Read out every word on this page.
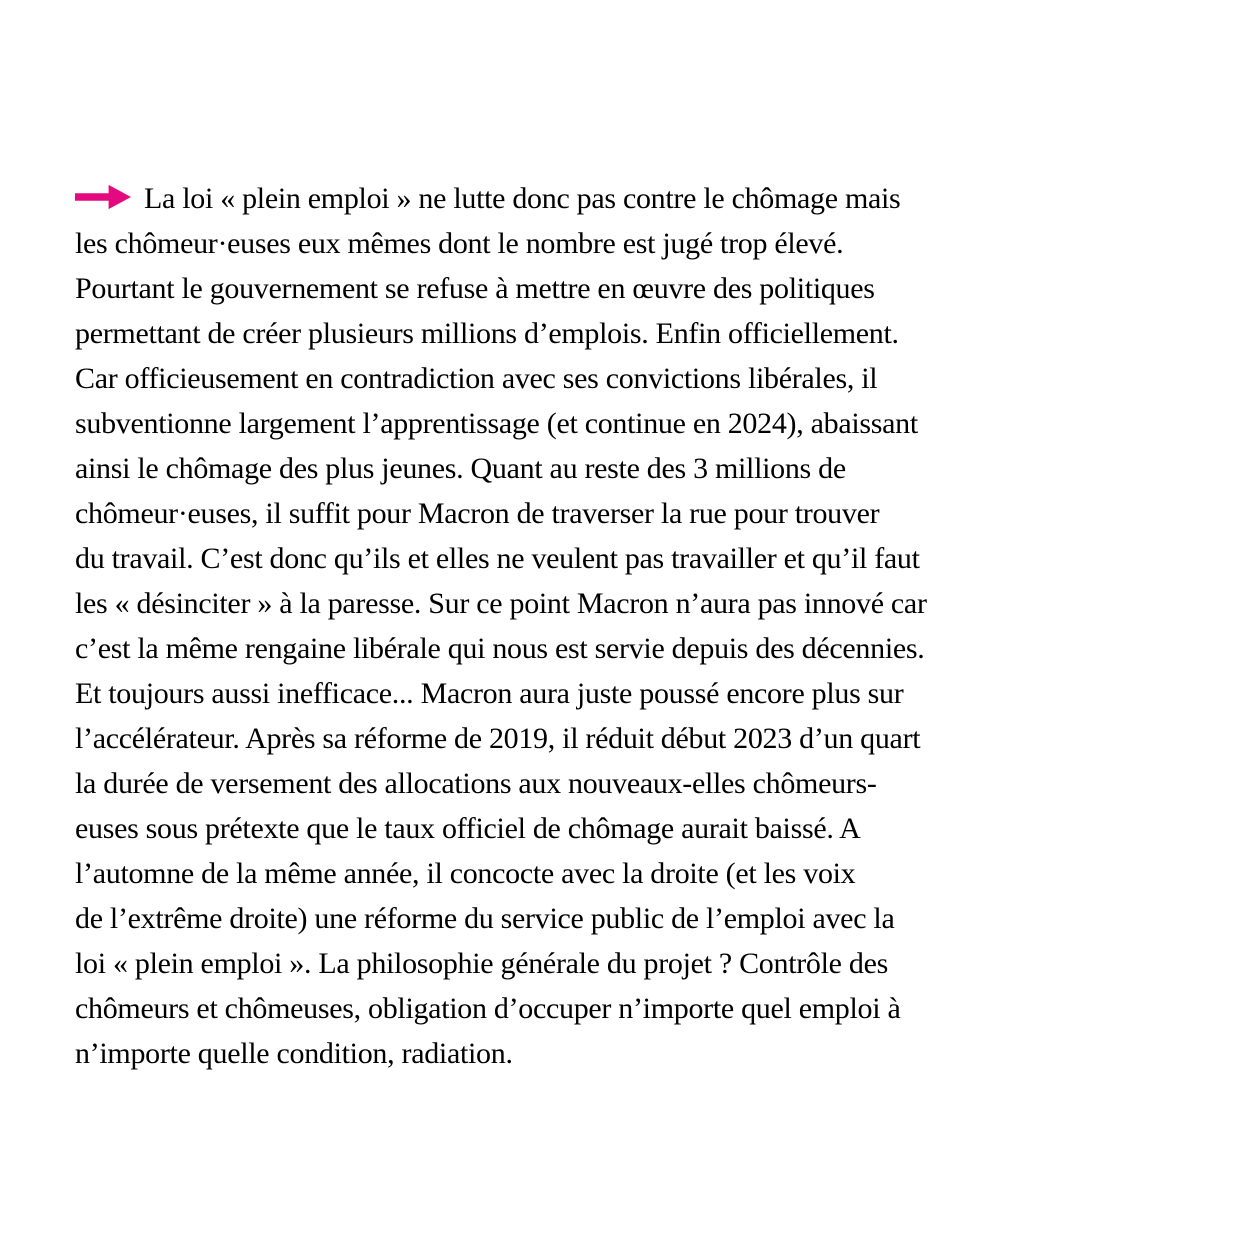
La loi « plein emploi » ne lutte donc pas contre le chômage mais
les chômeur·euses eux mêmes dont le nombre est jugé trop élevé.
Pourtant le gouvernement se refuse à mettre en œuvre des politiques
permettant de créer plusieurs millions d’emplois. Enfin officiellement.
Car officieusement en contradiction avec ses convictions libérales, il
subventionne largement l’apprentissage (et continue en 2024), abaissant
ainsi le chômage des plus jeunes. Quant au reste des 3 millions de
chômeur·euses, il suffit pour Macron de traverser la rue pour trouver
du travail. C’est donc qu’ils et elles ne veulent pas travailler et qu’il faut
les « désinciter » à la paresse. Sur ce point Macron n’aura pas innové car
c’est la même rengaine libérale qui nous est servie depuis des décennies.
Et toujours aussi inefficace... Macron aura juste poussé encore plus sur
l’accélérateur. Après sa réforme de 2019, il réduit début 2023 d’un quart
la durée de versement des allocations aux nouveaux-elles chômeurs-
euses sous prétexte que le taux officiel de chômage aurait baissé. A
l’automne de la même année, il concocte avec la droite (et les voix
de l’extrême droite) une réforme du service public de l’emploi avec la
loi « plein emploi ». La philosophie générale du projet ? Contrôle des
chômeurs et chômeuses, obligation d’occuper n’importe quel emploi à
n’importe quelle condition, radiation.
